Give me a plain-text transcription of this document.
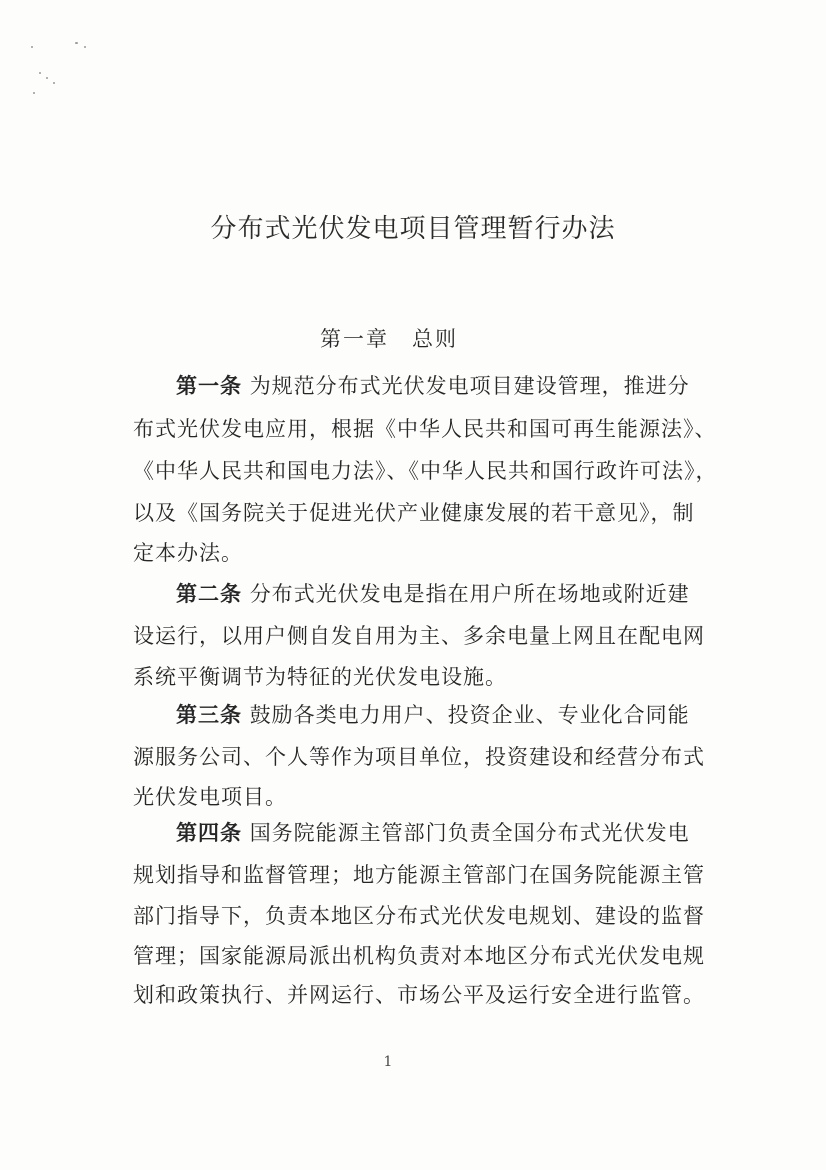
分布式光伏发电项目管理暂行办法
第一章　总则
第一条 为规范分布式光伏发电项目建设管理，推进分
布式光伏发电应用，根据《中华人民共和国可再生能源法》、
《中华人民共和国电力法》、《中华人民共和国行政许可法》，
以及《国务院关于促进光伏产业健康发展的若干意见》，制
定本办法。
第二条 分布式光伏发电是指在用户所在场地或附近建
设运行，以用户侧自发自用为主、多余电量上网且在配电网
系统平衡调节为特征的光伏发电设施。
第三条 鼓励各类电力用户、投资企业、专业化合同能
源服务公司、个人等作为项目单位，投资建设和经营分布式
光伏发电项目。
第四条 国务院能源主管部门负责全国分布式光伏发电
规划指导和监督管理；地方能源主管部门在国务院能源主管
部门指导下，负责本地区分布式光伏发电规划、建设的监督
管理；国家能源局派出机构负责对本地区分布式光伏发电规
划和政策执行、并网运行、市场公平及运行安全进行监管。
1
